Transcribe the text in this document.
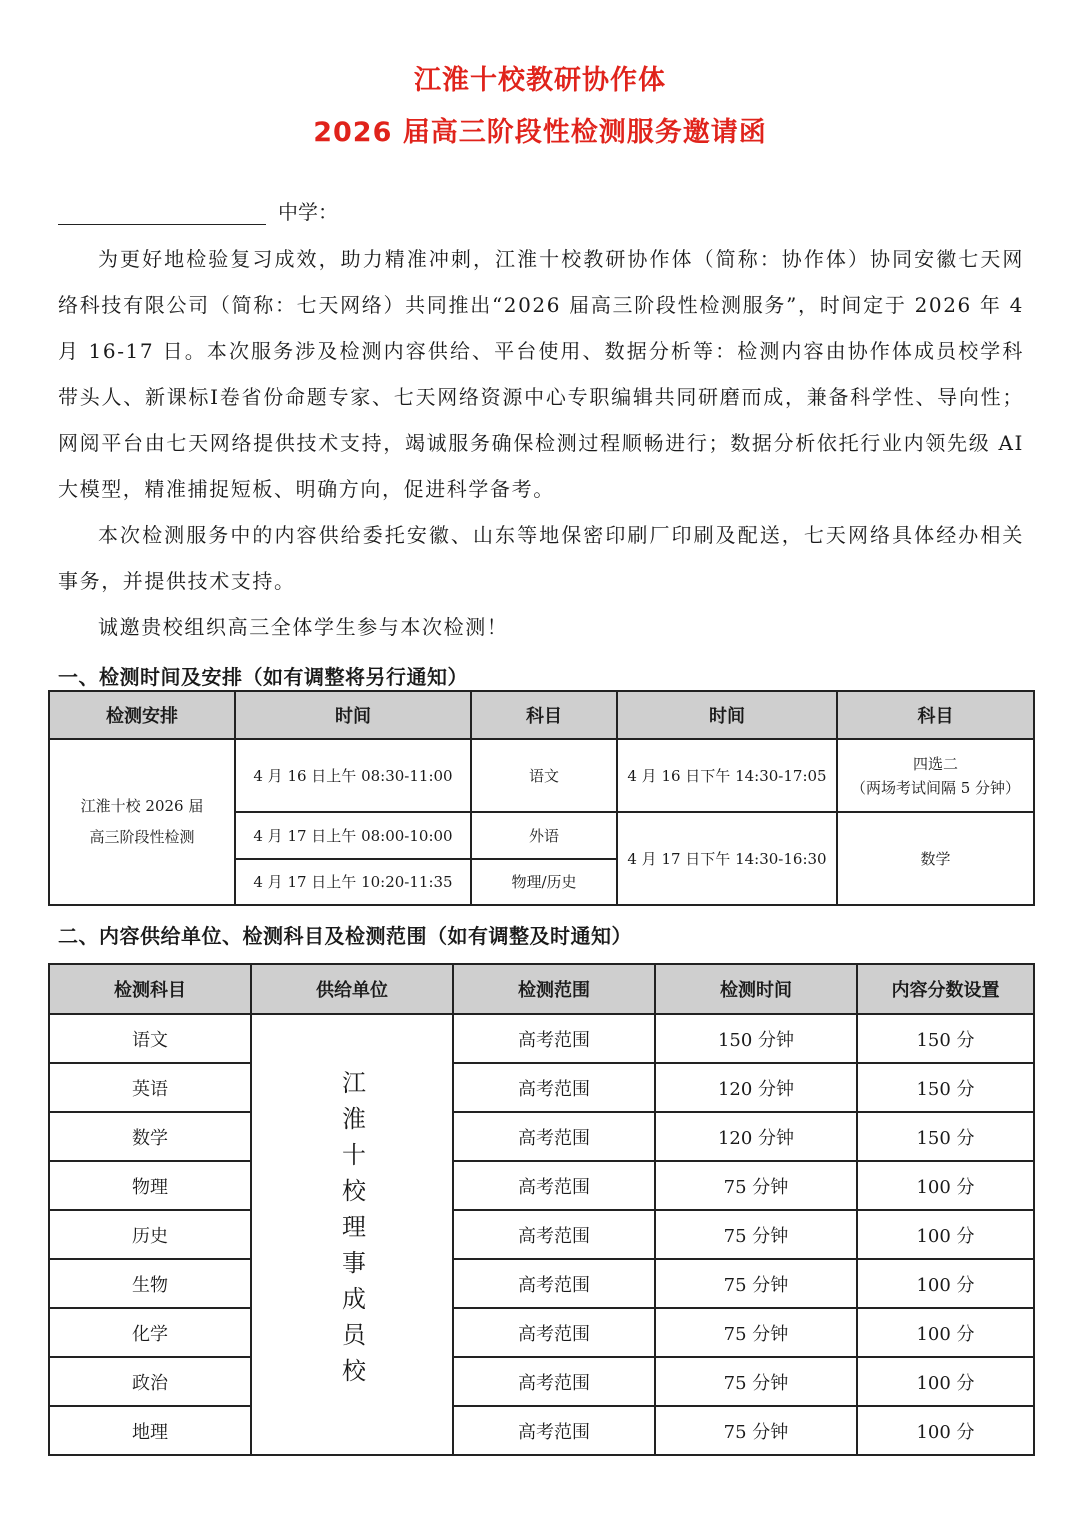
江淮十校教研协作体
2026 届高三阶段性检测服务邀请函
中学：

为更好地检验复习成效，助力精准冲刺，江淮十校教研协作体（简称：协作体）协同安徽七天网络科技有限公司（简称：七天网络）共同推出“2026 届高三阶段性检测服务”，时间定于 2026 年 4 月 16-17 日。本次服务涉及检测内容供给、平台使用、数据分析等：检测内容由协作体成员校学科带头人、新课标Ⅰ卷省份命题专家、七天网络资源中心专职编辑共同研磨而成，兼备科学性、导向性；网阅平台由七天网络提供技术支持，竭诚服务确保检测过程顺畅进行；数据分析依托行业内领先级 AI 大模型，精准捕捉短板、明确方向，促进科学备考。

本次检测服务中的内容供给委托安徽、山东等地保密印刷厂印刷及配送，七天网络具体经办相关事务，并提供技术支持。

诚邀贵校组织高三全体学生参与本次检测！

一、检测时间及安排（如有调整将另行通知）
检测安排	时间	科目	时间	科目
江淮十校 2026 届
高三阶段性检测	4 月 16 日上午 08:30-11:00	语文	4 月 16 日下午 14:30-17:05	四选二
（两场考试间隔 5 分钟）
	4 月 17 日上午 08:00-10:00	外语	4 月 17 日下午 14:30-16:30	数学
	4 月 17 日上午 10:20-11:35	物理/历史		
二、内容供给单位、检测科目及检测范围（如有调整及时通知）
检测科目	供给单位	检测范围	检测时间	内容分数设置
语文	江淮十校理事成员校	高考范围	150 分钟	150 分
英语		高考范围	120 分钟	150 分
数学		高考范围	120 分钟	150 分
物理		高考范围	75 分钟	100 分
历史		高考范围	75 分钟	100 分
生物		高考范围	75 分钟	100 分
化学		高考范围	75 分钟	100 分
政治		高考范围	75 分钟	100 分
地理		高考范围	75 分钟	100 分
